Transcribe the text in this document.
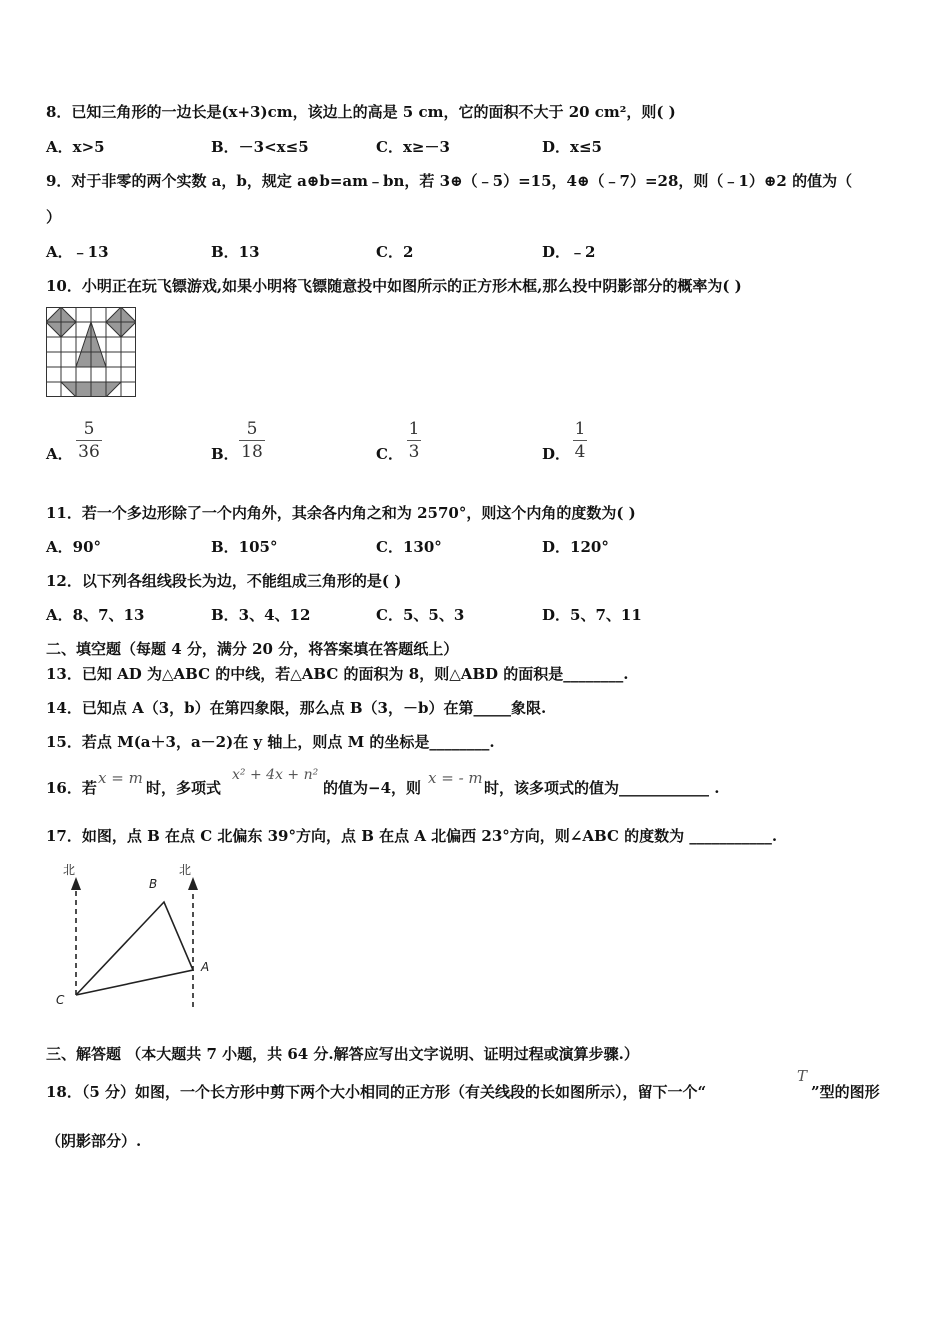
8．已知三角形的一边长是(x+3)cm，该边上的高是 5 cm，它的面积不大于 20 cm²，则( )
A．x>5	B．－3<x≤5	C．x≥－3	D．x≤5
9．对于非零的两个实数 a，b，规定 a⊕b=am﹣bn，若 3⊕（﹣5）=15，4⊕（﹣7）=28，则（﹣1）⊕2 的值为（
）
A．﹣13	B．13	C．2	D．﹣2
10．小明正在玩飞镖游戏,如果小明将飞镖随意投中如图所示的正方形木框,那么投中阴影部分的概率为( )
A．
5
36	B．
5
18	C．
1
3	D．
1
4
11．若一个多边形除了一个内角外，其余各内角之和为 2570°，则这个内角的度数为( )
A．90°	B．105°	C．130°	D．120°
12．以下列各组线段长为边，不能组成三角形的是( )
A．8、7、13	B．3、4、12	C．5、5、3	D．5、7、11
二、填空题（每题 4 分，满分 20 分，将答案填在答题纸上）
13．已知 AD 为△ABC 的中线，若△ABC 的面积为 8，则△ABD 的面积是________.
14．已知点 A（3，b）在第四象限，那么点 B（3，－b）在第_____象限.
15．若点 M(a＋3，a－2)在 y 轴上，则点 M 的坐标是________.
16．若
x = m
时，多项式
x² + 4x + n²
的值为−4，则
x = - m
时，该多项式的值为____________ .
17．如图，点 B 在点 C 北偏东 39°方向，点 B 在点 A 北偏西 23°方向，则∠ABC 的度数为 ___________.
北	北
B
A
C
三、解答题 （本大题共 7 小题，共 64 分.解答应写出文字说明、证明过程或演算步骤.）
18．（5 分）如图，一个长方形中剪下两个大小相同的正方形（有关线段的长如图所示），留下一个“
T
”型的图形
（阴影部分）.
